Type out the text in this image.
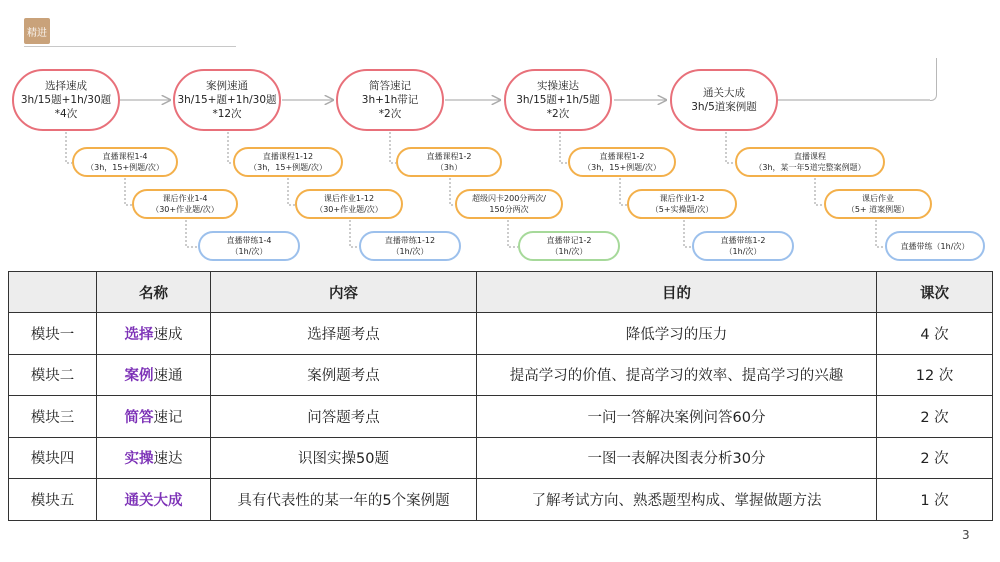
精进
选择速成
3h/15题+1h/30题
*4次
案例速通
3h/15+题+1h/30题
*12次
简答速记
3h+1h带记
*2次
实操速达
3h/15题+1h/5题
*2次
通关大成
3h/5道案例题
直播课程1-4
（3h，15+例题/次）
课后作业1-4
（30+作业题/次）
直播带练1-4
（1h/次）
直播课程1-12
（3h，15+例题/次）
课后作业1-12
（30+作业题/次）
直播带练1-12
（1h/次）
直播课程1-2
（3h）
超级闪卡200分两次/
150分两次
直播带记1-2
（1h/次）
直播课程1-2
（3h，15+例题/次）
课后作业1-2
（5+实操题/次）
直播带练1-2
（1h/次）
直播课程
（3h，某一年5道完整案例题）
课后作业
（5+ 道案例题）
直播带练（1h/次）
	名称	内容	目的	课次
模块一	选择速成	选择题考点	降低学习的压力	4 次
模块二	案例速通	案例题考点	提高学习的价值、提高学习的效率、提高学习的兴趣	12 次
模块三	简答速记	问答题考点	一问一答解决案例问答60分	2 次
模块四	实操速达	识图实操50题	一图一表解决图表分析30分	2 次
模块五	通关大成	具有代表性的某一年的5个案例题	了解考试方向、熟悉题型构成、掌握做题方法	1 次
3
